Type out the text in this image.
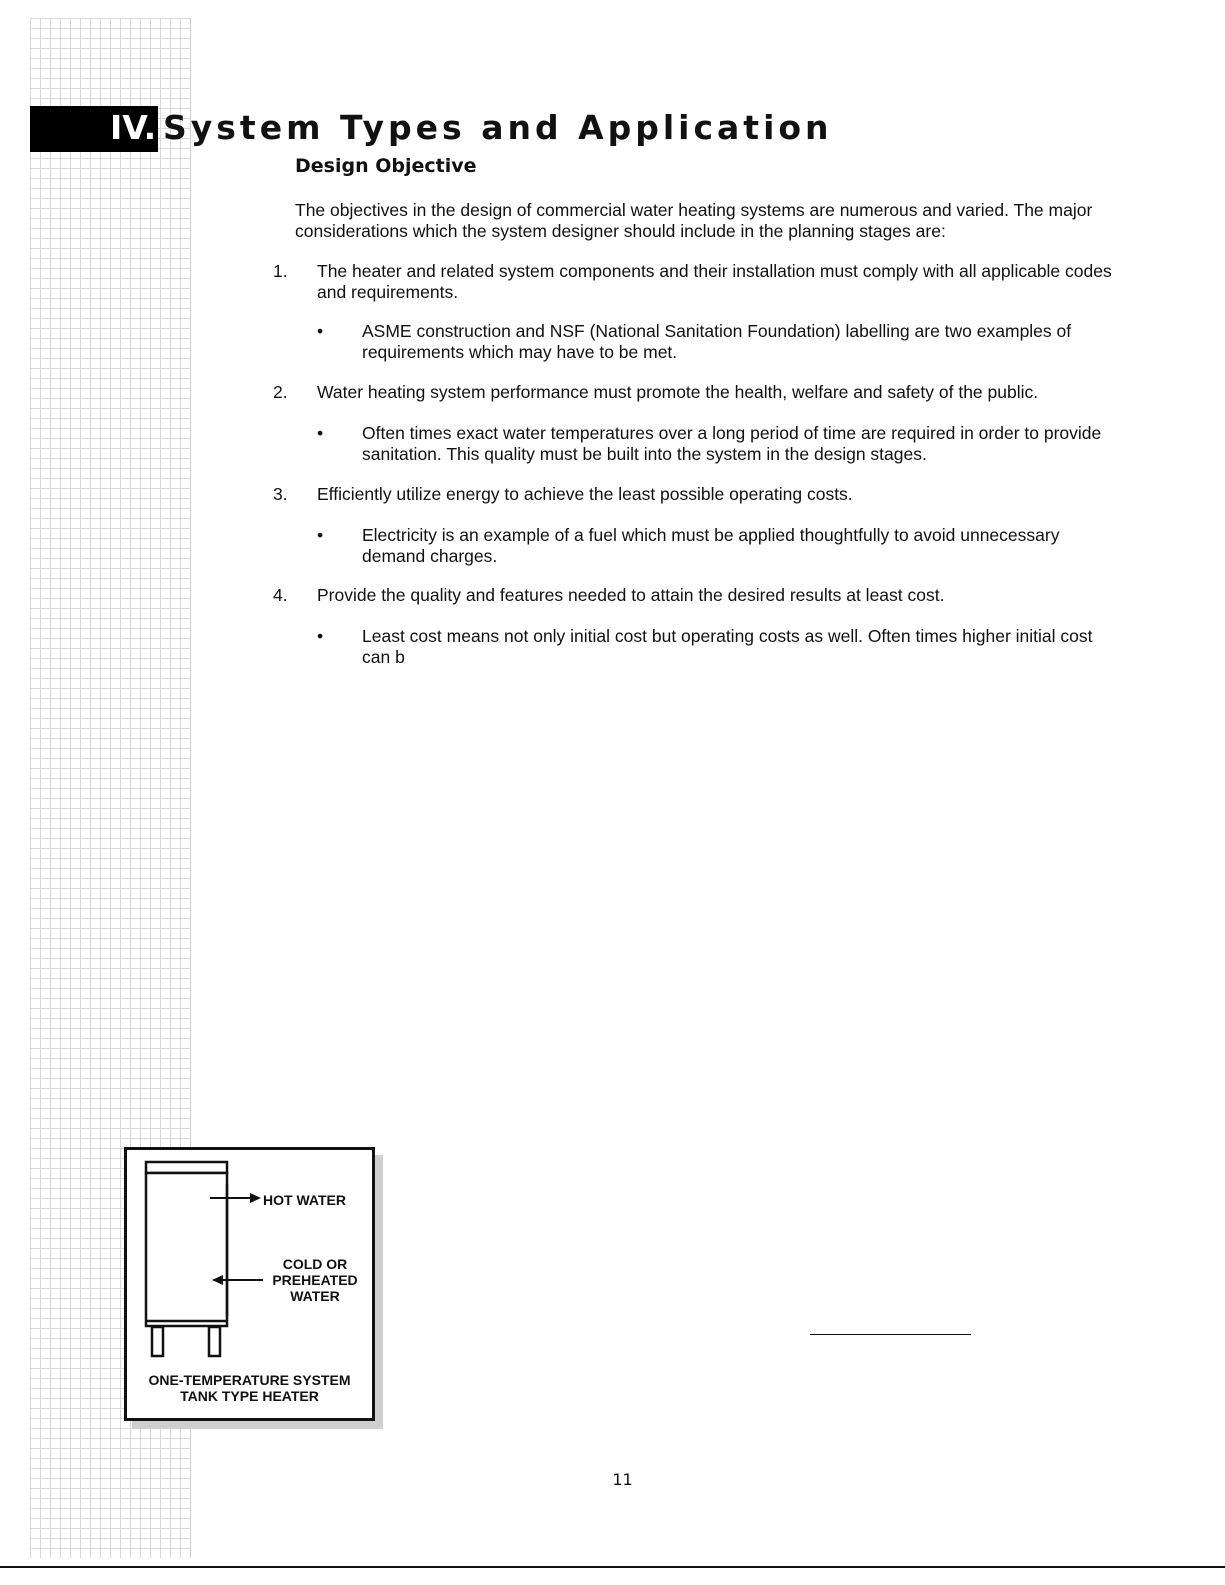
IV. System Types and Application
Design Objective
The objectives in the design of commercial water heating systems are numerous and varied. The major considerations which the system designer should include in the planning stages are:
1. The heater and related system components and their installation must comply with all applicable codes and requirements.
• ASME construction and NSF (National Sanitation Foundation) labelling are two examples of requirements which may have to be met.
2. Water heating system performance must promote the health, welfare and safety of the public.
• Often times exact water temperatures over a long period of time are required in order to provide sanitation. This quality must be built into the system in the design stages.
3. Efficiently utilize energy to achieve the least possible operating costs.
• Electricity is an example of a fuel which must be applied thoughtfully to avoid unnecessary demand charges.
4. Provide the quality and features needed to attain the desired results at least cost.
• Least cost means not only initial cost but operating costs as well. Often times higher initial cost can b
HOT WATER
COLD OR
PREHEATED
WATER
ONE-TEMPERATURE SYSTEM
TANK TYPE HEATER
11
